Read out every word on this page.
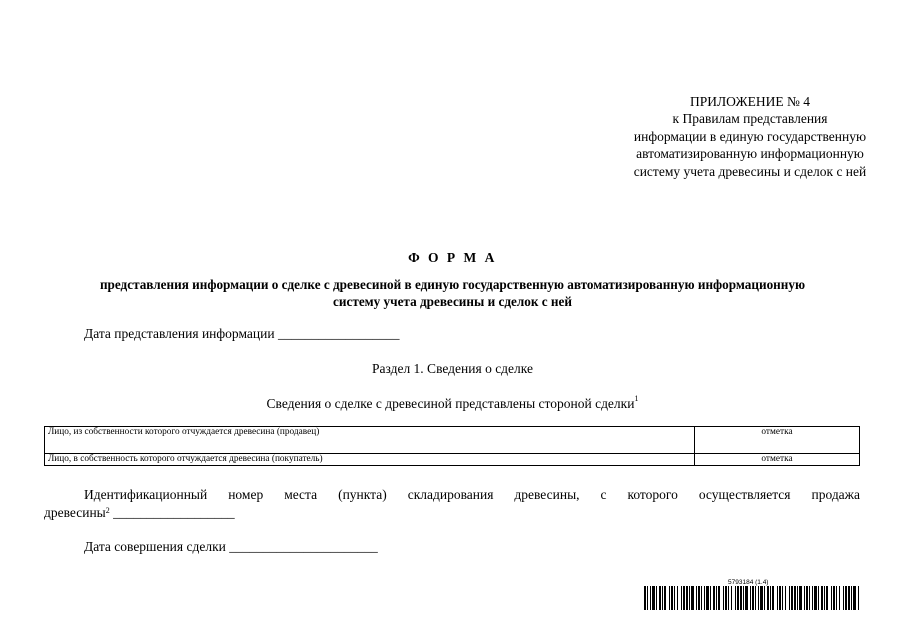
ПРИЛОЖЕНИЕ № 4
к Правилам представления
информации в единую государственную
автоматизированную информационную
систему учета древесины и сделок с ней
Ф О Р М А
представления информации о сделке с древесиной в единую государственную автоматизированную информационную
систему учета древесины и сделок с ней
Дата представления информации __________________
Раздел 1. Сведения о сделке
Сведения о сделке с древесиной представлены стороной сделки$^1$
Лицо, из собственности которого отчуждается древесина (продавец)	отметка
Лицо, в собственность которого отчуждается древесина (покупатель)	отметка
Идентификационный номер места (пункта) складирования древесины, с которого осуществляется продажа
древесины$^2$ __________________
Дата совершения сделки ______________________
5793184 (1.4)
